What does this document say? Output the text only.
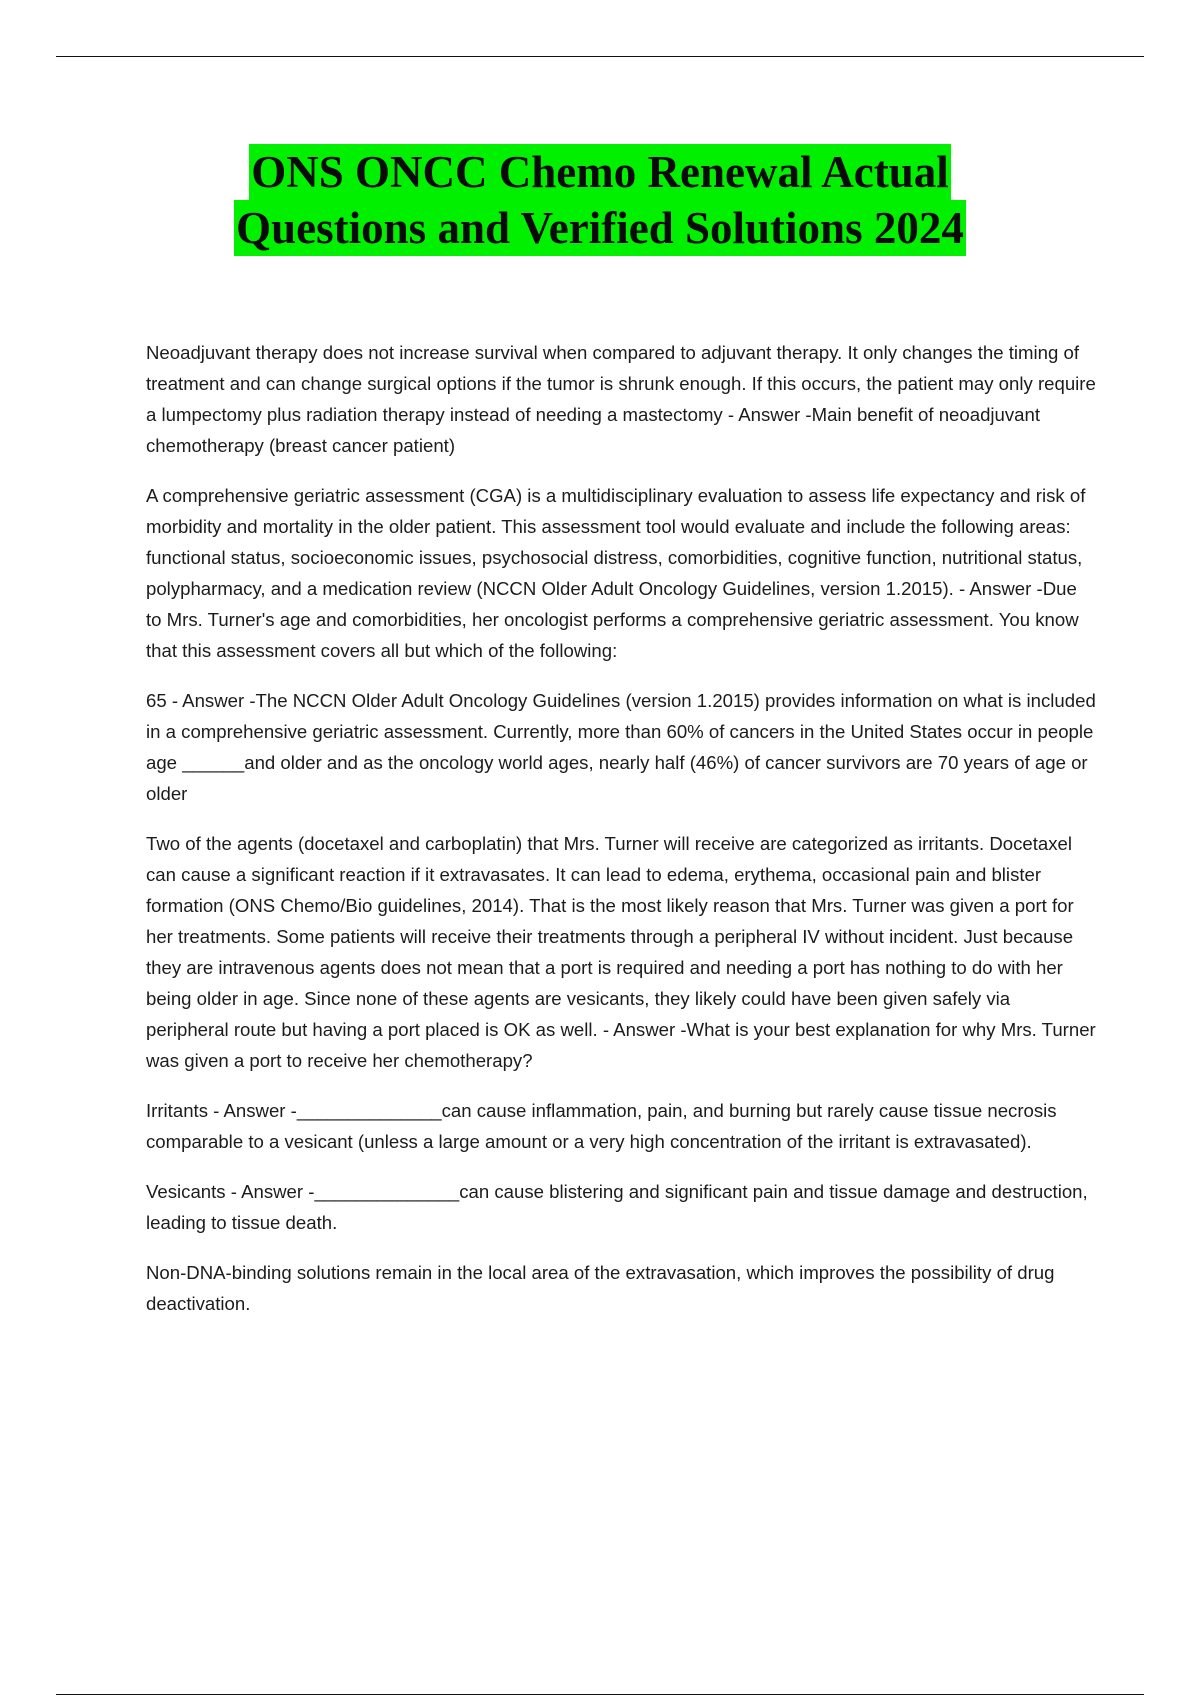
ONS ONCC Chemo Renewal Actual
Questions and Verified Solutions 2024

Neoadjuvant therapy does not increase survival when compared to adjuvant therapy. It only changes the timing of treatment and can change surgical options if the tumor is shrunk enough. If this occurs, the patient may only require a lumpectomy plus radiation therapy instead of needing a mastectomy - Answer -Main benefit of neoadjuvant chemotherapy (breast cancer patient)

A comprehensive geriatric assessment (CGA) is a multidisciplinary evaluation to assess life expectancy and risk of morbidity and mortality in the older patient. This assessment tool would evaluate and include the following areas: functional status, socioeconomic issues, psychosocial distress, comorbidities, cognitive function, nutritional status, polypharmacy, and a medication review (NCCN Older Adult Oncology Guidelines, version 1.2015). - Answer -Due to Mrs. Turner's age and comorbidities, her oncologist performs a comprehensive geriatric assessment. You know that this assessment covers all but which of the following:

65 - Answer -The NCCN Older Adult Oncology Guidelines (version 1.2015) provides information on what is included in a comprehensive geriatric assessment. Currently, more than 60% of cancers in the United States occur in people age ______and older and as the oncology world ages, nearly half (46%) of cancer survivors are 70 years of age or older

Two of the agents (docetaxel and carboplatin) that Mrs. Turner will receive are categorized as irritants. Docetaxel can cause a significant reaction if it extravasates. It can lead to edema, erythema, occasional pain and blister formation (ONS Chemo/Bio guidelines, 2014). That is the most likely reason that Mrs. Turner was given a port for her treatments. Some patients will receive their treatments through a peripheral IV without incident. Just because they are intravenous agents does not mean that a port is required and needing a port has nothing to do with her being older in age. Since none of these agents are vesicants, they likely could have been given safely via peripheral route but having a port placed is OK as well. - Answer -What is your best explanation for why Mrs. Turner was given a port to receive her chemotherapy?

Irritants - Answer -______________can cause inflammation, pain, and burning but rarely cause tissue necrosis comparable to a vesicant (unless a large amount or a very high concentration of the irritant is extravasated).

Vesicants - Answer -______________can cause blistering and significant pain and tissue damage and destruction, leading to tissue death.

Non-DNA-binding solutions remain in the local area of the extravasation, which improves the possibility of drug deactivation.
